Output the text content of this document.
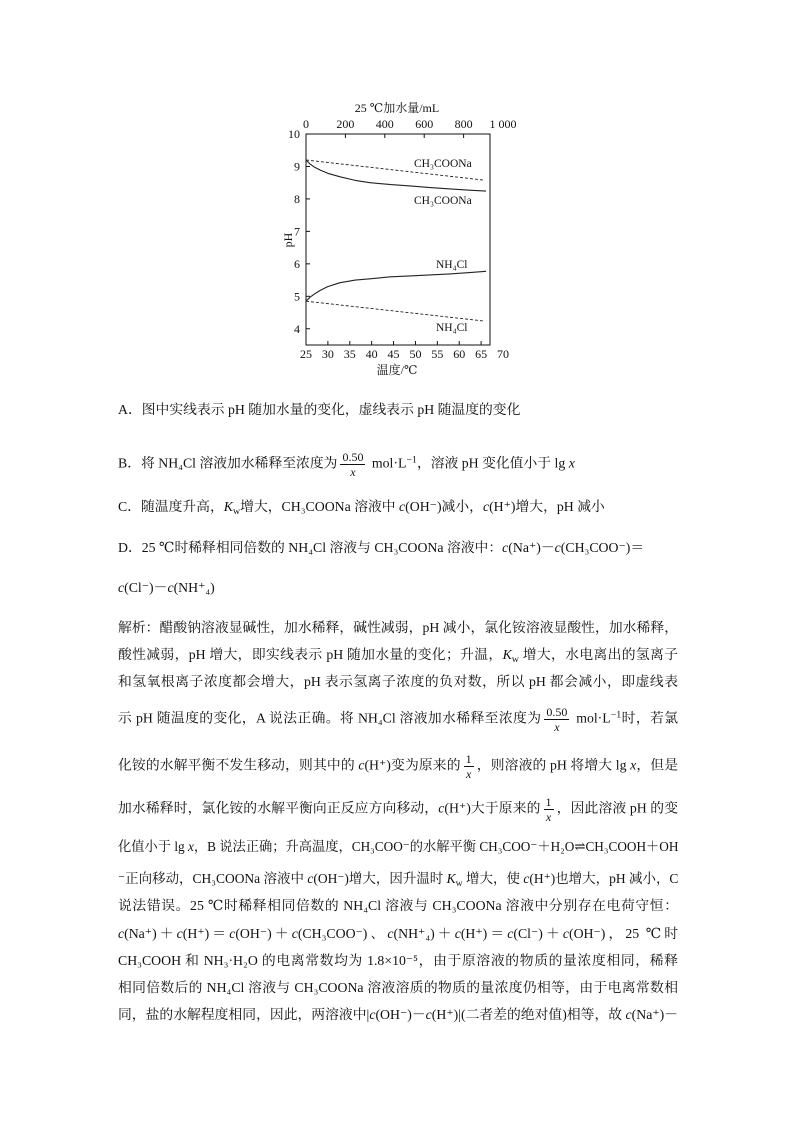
4
5
6
7
8
9
10
25 30 35 40 45 50 55 60 65 70
0 200 400 600 800 1 000
25 ℃加水量/mL
温度/℃
pH
CH₃COONa
CH₃COONa
NH₄Cl
NH₄Cl
A．图中实线表示 pH 随加水量的变化，虚线表示 pH 随温度的变化
B．将 NH₄Cl 溶液加水稀释至浓度为 $\frac{0.50}{x} mol\cdot L^{-1}$，溶液 pH 变化值小于 lg x
C．随温度升高，$K_w$增大，CH₃COONa 溶液中 c(OH⁻)减小，c(H⁺)增大，pH 减小
D．25 ℃时稀释相同倍数的 NH₄Cl 溶液与 CH₃COONa 溶液中：c(Na⁺)－c(CH₃COO⁻)＝
c(Cl⁻)－c(NH⁺₄)
解析：醋酸钠溶液显碱性，加水稀释，碱性减弱，pH 减小，氯化铵溶液显酸性，加水稀释，
酸性减弱，pH 增大，即实线表示 pH 随加水量的变化；升温，$K_w$ 增大，水电离出的氢离子
和氢氧根离子浓度都会增大，pH 表示氢离子浓度的负对数，所以 pH 都会减小，即虚线表
示 pH 随温度的变化，A 说法正确。将 NH₄Cl 溶液加水稀释至浓度为 $\frac{0.50}{x} mol\cdot L^{-1}$时，若氯
化铵的水解平衡不发生移动，则其中的 c(H⁺)变为原来的 $\frac{1}{x}$ ，则溶液的 pH 将增大 lg x，但是
加水稀释时，氯化铵的水解平衡向正反应方向移动，c(H⁺)大于原来的 $\frac{1}{x}$ ，因此溶液 pH 的变
化值小于 lg x，B 说法正确；升高温度，CH₃COO⁻的水解平衡 CH₃COO⁻＋H₂O⇌CH₃COOH＋OH
⁻正向移动，CH₃COONa 溶液中 c(OH⁻)增大，因升温时 $K_w$ 增大，使 c(H⁺)也增大，pH 减小，C
说法错误。25 ℃时稀释相同倍数的 NH₄Cl 溶液与 CH₃COONa 溶液中分别存在电荷守恒：
c(Na⁺)＋c(H⁺)＝c(OH⁻)＋c(CH₃COO⁻)、c(NH⁺₄)＋c(H⁺)＝c(Cl⁻)＋c(OH⁻)，25 ℃时
CH₃COOH 和 NH₃·H₂O 的电离常数均为 1.8×10⁻⁵，由于原溶液的物质的量浓度相同，稀释
相同倍数后的 NH₄Cl 溶液与 CH₃COONa 溶液溶质的物质的量浓度仍相等，由于电离常数相
同，盐的水解程度相同，因此，两溶液中|c(OH⁻)－c(H⁺)|(二者差的绝对值)相等，故 c(Na⁺)－
